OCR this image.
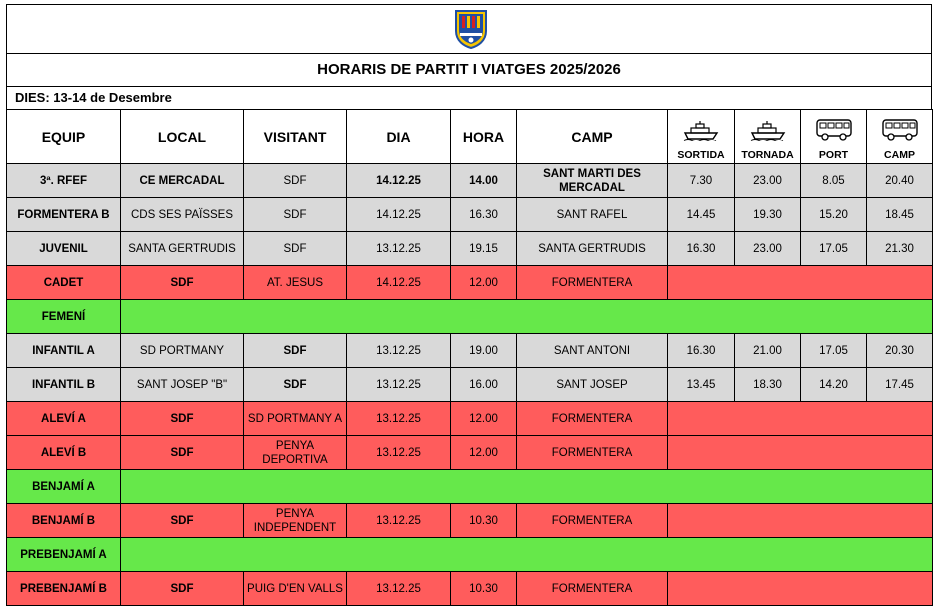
HORARIS DE PARTIT I VIATGES 2025/2026
DIES: 13-14 de Desembre
EQUIP	LOCAL	VISITANT	DIA	HORA	CAMP	SORTIDA	TORNADA	PORT	CAMP
3ª. RFEF	CE MERCADAL	SDF	14.12.25	14.00	SANT MARTI DES MERCADAL	7.30	23.00	8.05	20.40
FORMENTERA B	CDS SES PAÏSSES	SDF	14.12.25	16.30	SANT RAFEL	14.45	19.30	15.20	18.45
JUVENIL	SANTA GERTRUDIS	SDF	13.12.25	19.15	SANTA GERTRUDIS	16.30	23.00	17.05	21.30
CADET	SDF	AT. JESUS	14.12.25	12.00	FORMENTERA				
FEMENÍ									
INFANTIL A	SD PORTMANY	SDF	13.12.25	19.00	SANT ANTONI	16.30	21.00	17.05	20.30
INFANTIL B	SANT JOSEP "B"	SDF	13.12.25	16.00	SANT JOSEP	13.45	18.30	14.20	17.45
ALEVÍ A	SDF	SD PORTMANY A	13.12.25	12.00	FORMENTERA				
ALEVÍ B	SDF	PENYA DEPORTIVA	13.12.25	12.00	FORMENTERA				
BENJAMÍ A									
BENJAMÍ B	SDF	PENYA INDEPENDENT	13.12.25	10.30	FORMENTERA				
PREBENJAMÍ A									
PREBENJAMÍ B	SDF	PUIG D'EN VALLS	13.12.25	10.30	FORMENTERA				
